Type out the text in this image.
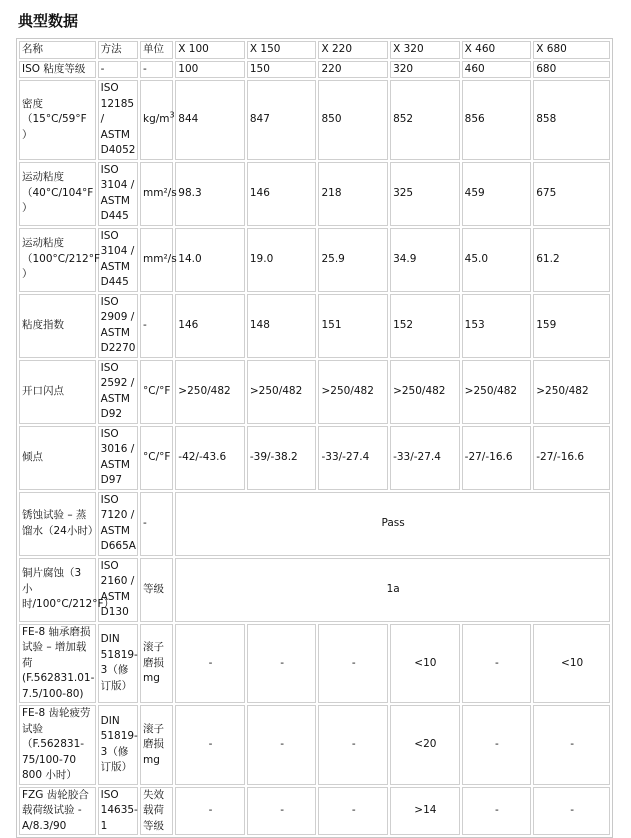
典型数据
名称	方法	单位	X 100	X 150	X 220	X 320	X 460	X 680
ISO 粘度等级	-	-	100	150	220	320	460	680
密度（15°C/59°F ）	ISO 12185 / ASTM D4052	$kg/m^3$	844	847	850	852	856	858
运动粘度（40°C/104°F ）	ISO 3104 / ASTM D445	mm²/s	98.3	146	218	325	459	675
运动粘度（100°C/212°F ）	ISO 3104 / ASTM D445	mm²/s	14.0	19.0	25.9	34.9	45.0	61.2
粘度指数	ISO 2909 / ASTM D2270	-	146	148	151	152	153	159
开口闪点	ISO 2592 / ASTM D92	°C/°F	>250/482	>250/482	>250/482	>250/482	>250/482	>250/482
倾点	ISO 3016 / ASTM D97	°C/°F	-42/-43.6	-39/-38.2	-33/-27.4	-33/-27.4	-27/-16.6	-27/-16.6
锈蚀试验 – 蒸馏水（24小时）	ISO 7120 / ASTM D665A	-	Pass					
铜片腐蚀（3 小时/100°C/212°F）	ISO 2160 / ASTM D130	等级	1a					
FE-8 轴承磨损试验 – 增加载荷(F.562831.01-7.5/100-80)	DIN 51819-3（修订版）	滚子磨损 mg	-	-	-	<10	-	<10
FE-8 齿轮疲劳试验（F.562831-75/100-70 800 小时）	DIN 51819-3（修订版）	滚子磨损 mg	-	-	-	<20	-	-
FZG 齿轮胶合载荷级试验 - A/8.3/90	ISO 14635-1	失效载荷等级	-	-	-	>14	-	-
